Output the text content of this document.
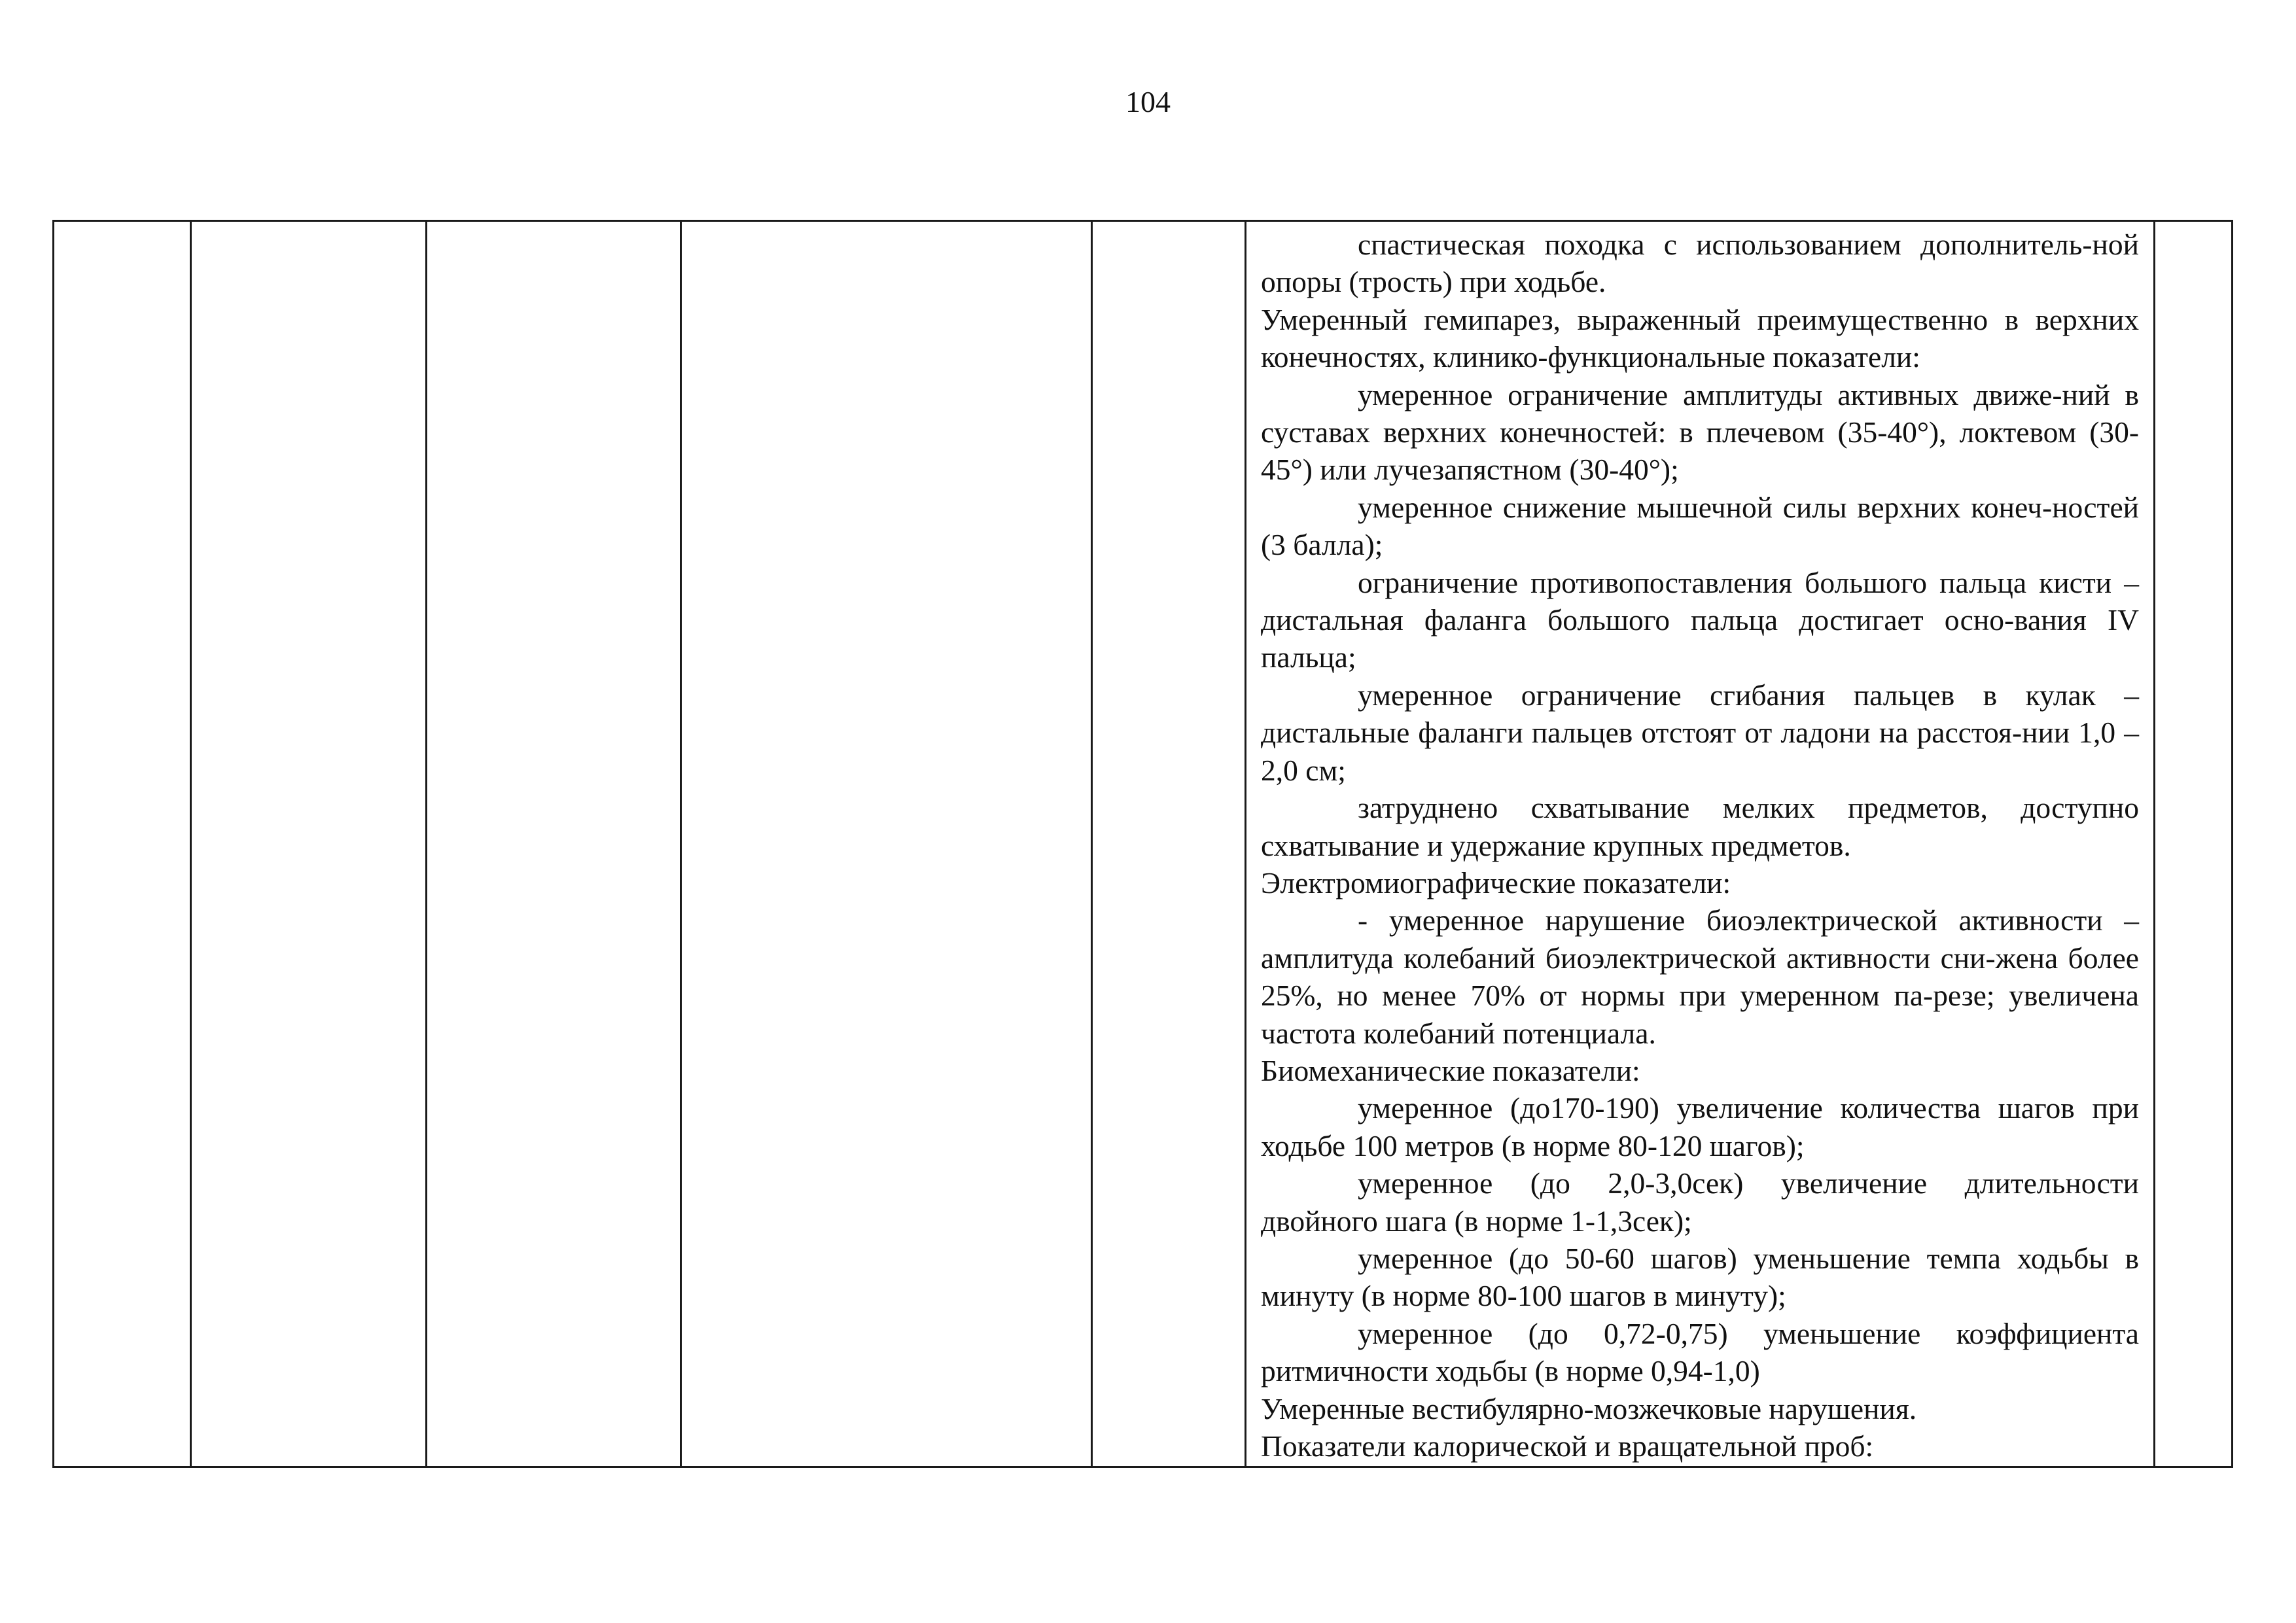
104

спастическая походка с использованием дополнитель-ной опоры (трость) при ходьбе.

Умеренный гемипарез, выраженный преимущественно в верхних конечностях, клинико-функциональные показатели:

умеренное ограничение амплитуды активных движе-ний в суставах верхних конечностей: в плечевом (35-40°), локтевом (30-45°) или лучезапястном (30-40°);

умеренное снижение мышечной силы верхних конеч-ностей (3 балла);

ограничение противопоставления большого пальца кисти – дистальная фаланга большого пальца достигает осно-вания IV пальца;

умеренное ограничение сгибания пальцев в кулак – дистальные фаланги пальцев отстоят от ладони на расстоя-нии 1,0 – 2,0 см;

затруднено схватывание мелких предметов, доступно схватывание и удержание крупных предметов.

Электромиографические показатели:

- умеренное нарушение биоэлектрической активности – амплитуда колебаний биоэлектрической активности сни-жена более 25%, но менее 70% от нормы при умеренном па-резе; увеличена частота колебаний потенциала.

Биомеханические показатели:

умеренное (до170-190) увеличение количества шагов при ходьбе 100 метров (в норме 80-120 шагов);

умеренное (до 2,0-3,0сек) увеличение длительности двойного шага (в норме 1-1,3сек);

умеренное (до 50-60 шагов) уменьшение темпа ходьбы в минуту (в норме 80-100 шагов в минуту);

умеренное (до 0,72-0,75) уменьшение коэффициента ритмичности ходьбы (в норме 0,94-1,0)

Умеренные вестибулярно-мозжечковые нарушения.

Показатели калорической и вращательной проб:
